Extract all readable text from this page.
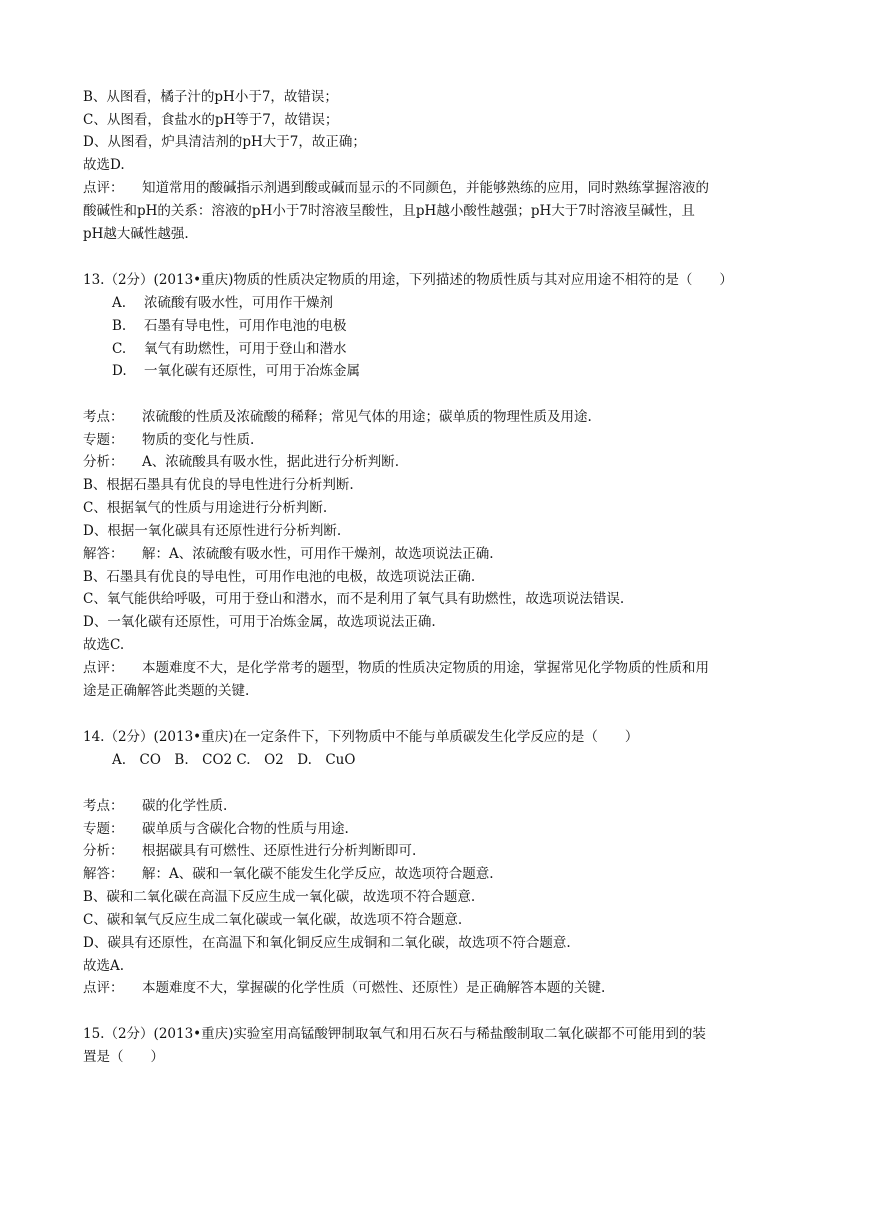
B、从图看，橘子汁的pH小于7，故错误；
C、从图看，食盐水的pH等于7，故错误；
D、从图看，炉具清洁剂的pH大于7，故正确；
故选D.
点评： 知道常用的酸碱指示剂遇到酸或碱而显示的不同颜色，并能够熟练的应用，同时熟练掌握溶液的
酸碱性和pH的关系：溶液的pH小于7时溶液呈酸性，且pH越小酸性越强；pH大于7时溶液呈碱性，且
pH越大碱性越强.
13.（2分）(2013•重庆)物质的性质决定物质的用途，下列描述的物质性质与其对应用途不相符的是（　　）
A. 浓硫酸有吸水性，可用作干燥剂
B. 石墨有导电性，可用作电池的电极
C. 氧气有助燃性，可用于登山和潜水
D. 一氧化碳有还原性，可用于冶炼金属
考点： 浓硫酸的性质及浓硫酸的稀释；常见气体的用途；碳单质的物理性质及用途.
专题： 物质的变化与性质.
分析： A、浓硫酸具有吸水性，据此进行分析判断.
B、根据石墨具有优良的导电性进行分析判断.
C、根据氧气的性质与用途进行分析判断.
D、根据一氧化碳具有还原性进行分析判断.
解答： 解：A、浓硫酸有吸水性，可用作干燥剂，故选项说法正确.
B、石墨具有优良的导电性，可用作电池的电极，故选项说法正确.
C、氧气能供给呼吸，可用于登山和潜水，而不是利用了氧气具有助燃性，故选项说法错误.
D、一氧化碳有还原性，可用于冶炼金属，故选项说法正确.
故选C.
点评： 本题难度不大，是化学常考的题型，物质的性质决定物质的用途，掌握常见化学物质的性质和用
途是正确解答此类题的关键.
14.（2分）(2013•重庆)在一定条件下，下列物质中不能与单质碳发生化学反应的是（　　）
A.　CO　B.　CO2 C.　O2　D.　CuO
考点： 碳的化学性质.
专题： 碳单质与含碳化合物的性质与用途.
分析： 根据碳具有可燃性、还原性进行分析判断即可.
解答： 解：A、碳和一氧化碳不能发生化学反应，故选项符合题意.
B、碳和二氧化碳在高温下反应生成一氧化碳，故选项不符合题意.
C、碳和氧气反应生成二氧化碳或一氧化碳，故选项不符合题意.
D、碳具有还原性，在高温下和氧化铜反应生成铜和二氧化碳，故选项不符合题意.
故选A.
点评： 本题难度不大，掌握碳的化学性质（可燃性、还原性）是正确解答本题的关键.
15.（2分）(2013•重庆)实验室用高锰酸钾制取氧气和用石灰石与稀盐酸制取二氧化碳都不可能用到的装
置是（　　）
